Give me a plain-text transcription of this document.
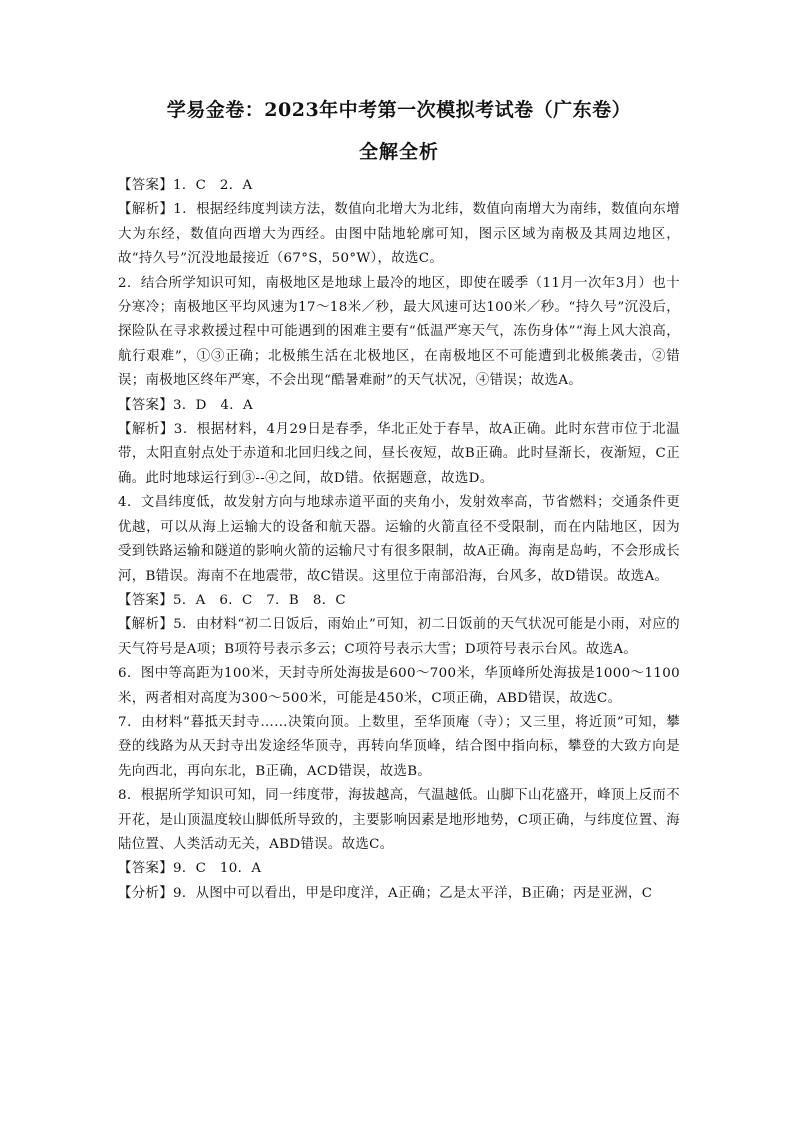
学易金卷：2023年中考第一次模拟考试卷（广东卷）
全解全析

【答案】1．C　2．A

【解析】1．根据经纬度判读方法，数值向北增大为北纬，数值向南增大为南纬，数值向东增大为东经，数值向西增大为西经。由图中陆地轮廓可知，图示区域为南极及其周边地区，故“持久号”沉没地最接近（67°S，50°W），故选C。

2．结合所学知识可知，南极地区是地球上最冷的地区，即使在暖季（11月一次年3月）也十分寒冷；南极地区平均风速为17～18米／秒，最大风速可达100米／秒。“持久号”沉没后，探险队在寻求救援过程中可能遇到的困难主要有“低温严寒天气，冻伤身体”“海上风大浪高，航行艰难”，①③正确；北极熊生活在北极地区，在南极地区不可能遭到北极熊袭击，②错误；南极地区终年严寒，不会出现“酷暑难耐”的天气状况，④错误；故选A。

【答案】3．D　4．A

【解析】3．根据材料，4月29日是春季，华北正处于春旱，故A正确。此时东营市位于北温带，太阳直射点处于赤道和北回归线之间，昼长夜短，故B正确。此时昼渐长，夜渐短，C正确。此时地球运行到③--④之间，故D错。依据题意，故选D。

4．文昌纬度低，故发射方向与地球赤道平面的夹角小，发射效率高，节省燃料；交通条件更优越，可以从海上运输大的设备和航天器。运输的火箭直径不受限制，而在内陆地区，因为受到铁路运输和隧道的影响火箭的运输尺寸有很多限制，故A正确。海南是岛屿，不会形成长河，B错误。海南不在地震带，故C错误。这里位于南部沿海，台风多，故D错误。故选A。

【答案】5．A　6．C　7．B　8．C

【解析】5．由材料“初二日饭后，雨始止”可知，初二日饭前的天气状况可能是小雨，对应的天气符号是A项；B项符号表示多云；C项符号表示大雪；D项符号表示台风。故选A。

6．图中等高距为100米，天封寺所处海拔是600～700米，华顶峰所处海拔是1000～1100米，两者相对高度为300～500米，可能是450米，C项正确，ABD错误，故选C。

7．由材料“暮抵天封寺……决策向顶。上数里，至华顶庵（寺）；又三里，将近顶”可知，攀登的线路为从天封寺出发途经华顶寺，再转向华顶峰，结合图中指向标，攀登的大致方向是先向西北，再向东北，B正确，ACD错误，故选B。

8．根据所学知识可知，同一纬度带，海拔越高，气温越低。山脚下山花盛开，峰顶上反而不开花，是山顶温度较山脚低所导致的，主要影响因素是地形地势，C项正确，与纬度位置、海陆位置、人类活动无关，ABD错误。故选C。

【答案】9．C　10．A

【分析】9．从图中可以看出，甲是印度洋，A正确；乙是太平洋，B正确；丙是亚洲，C
